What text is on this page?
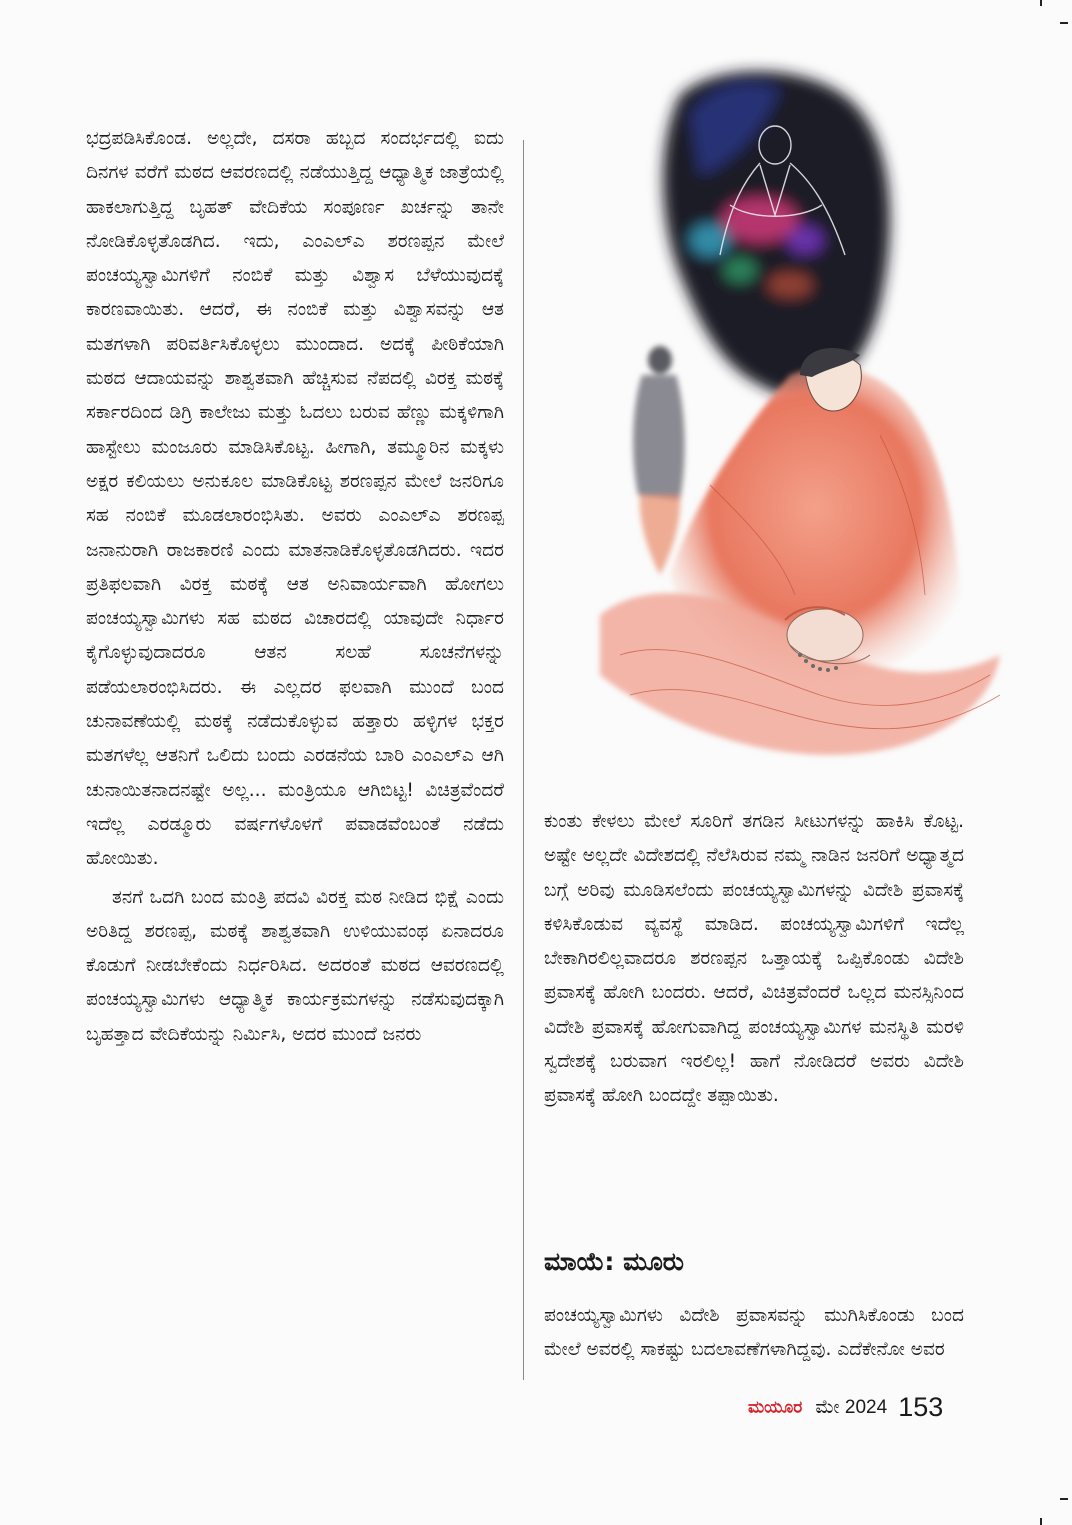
ಭದ್ರಪಡಿಸಿಕೊಂಡ. ಅಲ್ಲದೇ, ದಸರಾ ಹಬ್ಬದ ಸಂದರ್ಭದಲ್ಲಿ ಐದು ದಿನಗಳ ವರೆಗೆ ಮಠದ ಆವರಣದಲ್ಲಿ ನಡೆಯುತ್ತಿದ್ದ ಆಧ್ಯಾತ್ಮಿಕ ಜಾತ್ರೆಯಲ್ಲಿ ಹಾಕಲಾಗುತ್ತಿದ್ದ ಬೃಹತ್ ವೇದಿಕೆಯ ಸಂಪೂರ್ಣ ಖರ್ಚನ್ನು ತಾನೇ ನೋಡಿಕೊಳ್ಳತೊಡಗಿದ. ಇದು, ಎಂಎಲ್‌ಎ ಶರಣಪ್ಪನ ಮೇಲೆ ಪಂಚಯ್ಯಸ್ವಾಮಿಗಳಿಗೆ ನಂಬಿಕೆ ಮತ್ತು ವಿಶ್ವಾಸ ಬೆಳೆಯುವುದಕ್ಕೆ ಕಾರಣವಾಯಿತು. ಆದರೆ, ಈ ನಂಬಿಕೆ ಮತ್ತು ವಿಶ್ವಾಸವನ್ನು ಆತ ಮತಗಳಾಗಿ ಪರಿವರ್ತಿಸಿಕೊಳ್ಳಲು ಮುಂದಾದ. ಅದಕ್ಕೆ ಪೀಠಿಕೆಯಾಗಿ ಮಠದ ಆದಾಯವನ್ನು ಶಾಶ್ವತವಾಗಿ ಹೆಚ್ಚಿಸುವ ನೆಪದಲ್ಲಿ ವಿರಕ್ತ ಮಠಕ್ಕೆ ಸರ್ಕಾರದಿಂದ ಡಿಗ್ರಿ ಕಾಲೇಜು ಮತ್ತು ಓದಲು ಬರುವ ಹೆಣ್ಣು ಮಕ್ಕಳಿಗಾಗಿ ಹಾಸ್ಟೇಲು ಮಂಜೂರು ಮಾಡಿಸಿಕೊಟ್ಟ. ಹೀಗಾಗಿ, ತಮ್ಮೂರಿನ ಮಕ್ಕಳು ಅಕ್ಷರ ಕಲಿಯಲು ಅನುಕೂಲ ಮಾಡಿಕೊಟ್ಟ ಶರಣಪ್ಪನ ಮೇಲೆ ಜನರಿಗೂ ಸಹ ನಂಬಿಕೆ ಮೂಡಲಾರಂಭಿಸಿತು. ಅವರು ಎಂಎಲ್‌ಎ ಶರಣಪ್ಪ ಜನಾನುರಾಗಿ ರಾಜಕಾರಣಿ ಎಂದು ಮಾತನಾಡಿಕೊಳ್ಳತೊಡಗಿದರು. ಇದರ ಪ್ರತಿಫಲವಾಗಿ ವಿರಕ್ತ ಮಠಕ್ಕೆ ಆತ ಅನಿವಾರ್ಯವಾಗಿ ಹೋಗಲು ಪಂಚಯ್ಯಸ್ವಾಮಿಗಳು ಸಹ ಮಠದ ವಿಚಾರದಲ್ಲಿ ಯಾವುದೇ ನಿರ್ಧಾರ ಕೈಗೊಳ್ಳುವುದಾದರೂ ಆತನ ಸಲಹೆ ಸೂಚನೆಗಳನ್ನು ಪಡೆಯಲಾರಂಭಿಸಿದರು. ಈ ಎಲ್ಲದರ ಫಲವಾಗಿ ಮುಂದೆ ಬಂದ ಚುನಾವಣೆಯಲ್ಲಿ ಮಠಕ್ಕೆ ನಡೆದುಕೊಳ್ಳುವ ಹತ್ತಾರು ಹಳ್ಳಿಗಳ ಭಕ್ತರ ಮತಗಳೆಲ್ಲ ಆತನಿಗೆ ಒಲಿದು ಬಂದು ಎರಡನೆಯ ಬಾರಿ ಎಂಎಲ್‌ಎ ಆಗಿ ಚುನಾಯಿತನಾದನಷ್ಟೇ ಅಲ್ಲ... ಮಂತ್ರಿಯೂ ಆಗಿಬಿಟ್ಟ! ವಿಚಿತ್ರವೆಂದರೆ ಇದೆಲ್ಲ ಎರಡ್ಮೂರು ವರ್ಷಗಳೊಳಗೆ ಪವಾಡವೆಂಬಂತೆ ನಡೆದು ಹೋಯಿತು.

ತನಗೆ ಒದಗಿ ಬಂದ ಮಂತ್ರಿ ಪದವಿ ವಿರಕ್ತ ಮಠ ನೀಡಿದ ಭಿಕ್ಷೆ ಎಂದು ಅರಿತಿದ್ದ ಶರಣಪ್ಪ, ಮಠಕ್ಕೆ ಶಾಶ್ವತವಾಗಿ ಉಳಿಯುವಂಥ ಏನಾದರೂ ಕೊಡುಗೆ ನೀಡಬೇಕೆಂದು ನಿರ್ಧರಿಸಿದ. ಅದರಂತೆ ಮಠದ ಆವರಣದಲ್ಲಿ ಪಂಚಯ್ಯಸ್ವಾಮಿಗಳು ಆಧ್ಯಾತ್ಮಿಕ ಕಾರ್ಯಕ್ರಮಗಳನ್ನು ನಡೆಸುವುದಕ್ಕಾಗಿ ಬೃಹತ್ತಾದ ವೇದಿಕೆಯನ್ನು ನಿರ್ಮಿಸಿ, ಅದರ ಮುಂದೆ ಜನರು

ಕುಂತು ಕೇಳಲು ಮೇಲೆ ಸೂರಿಗೆ ತಗಡಿನ ಸೀಟುಗಳನ್ನು ಹಾಕಿಸಿ ಕೊಟ್ಟ. ಅಷ್ಟೇ ಅಲ್ಲದೇ ವಿದೇಶದಲ್ಲಿ ನೆಲೆಸಿರುವ ನಮ್ಮ ನಾಡಿನ ಜನರಿಗೆ ಅಧ್ಯಾತ್ಮದ ಬಗ್ಗೆ ಅರಿವು ಮೂಡಿಸಲೆಂದು ಪಂಚಯ್ಯಸ್ವಾಮಿಗಳನ್ನು ವಿದೇಶಿ ಪ್ರವಾಸಕ್ಕೆ ಕಳಿಸಿಕೊಡುವ ವ್ಯವಸ್ಥೆ ಮಾಡಿದ. ಪಂಚಯ್ಯಸ್ವಾಮಿಗಳಿಗೆ ಇದೆಲ್ಲ ಬೇಕಾಗಿರಲಿಲ್ಲವಾದರೂ ಶರಣಪ್ಪನ ಒತ್ತಾಯಕ್ಕೆ ಒಪ್ಪಿಕೊಂಡು ವಿದೇಶಿ ಪ್ರವಾಸಕ್ಕೆ ಹೋಗಿ ಬಂದರು. ಆದರೆ, ವಿಚಿತ್ರವೆಂದರೆ ಒಲ್ಲದ ಮನಸ್ಸಿನಿಂದ ವಿದೇಶಿ ಪ್ರವಾಸಕ್ಕೆ ಹೋಗುವಾಗಿದ್ದ ಪಂಚಯ್ಯಸ್ವಾಮಿಗಳ ಮನಸ್ಥಿತಿ ಮರಳಿ ಸ್ವದೇಶಕ್ಕೆ ಬರುವಾಗ ಇರಲಿಲ್ಲ! ಹಾಗೆ ನೋಡಿದರೆ ಅವರು ವಿದೇಶಿ ಪ್ರವಾಸಕ್ಕೆ ಹೋಗಿ ಬಂದದ್ದೇ ತಪ್ಪಾಯಿತು.

ಮಾಯೆ: ಮೂರು

ಪಂಚಯ್ಯಸ್ವಾಮಿಗಳು ವಿದೇಶಿ ಪ್ರವಾಸವನ್ನು ಮುಗಿಸಿಕೊಂಡು ಬಂದ ಮೇಲೆ ಅವರಲ್ಲಿ ಸಾಕಷ್ಟು ಬದಲಾವಣೆಗಳಾಗಿದ್ದವು. ಎದೆಕೇನೋ ಅವರ

ಮಯೂರ ಮೇ 2024 153
